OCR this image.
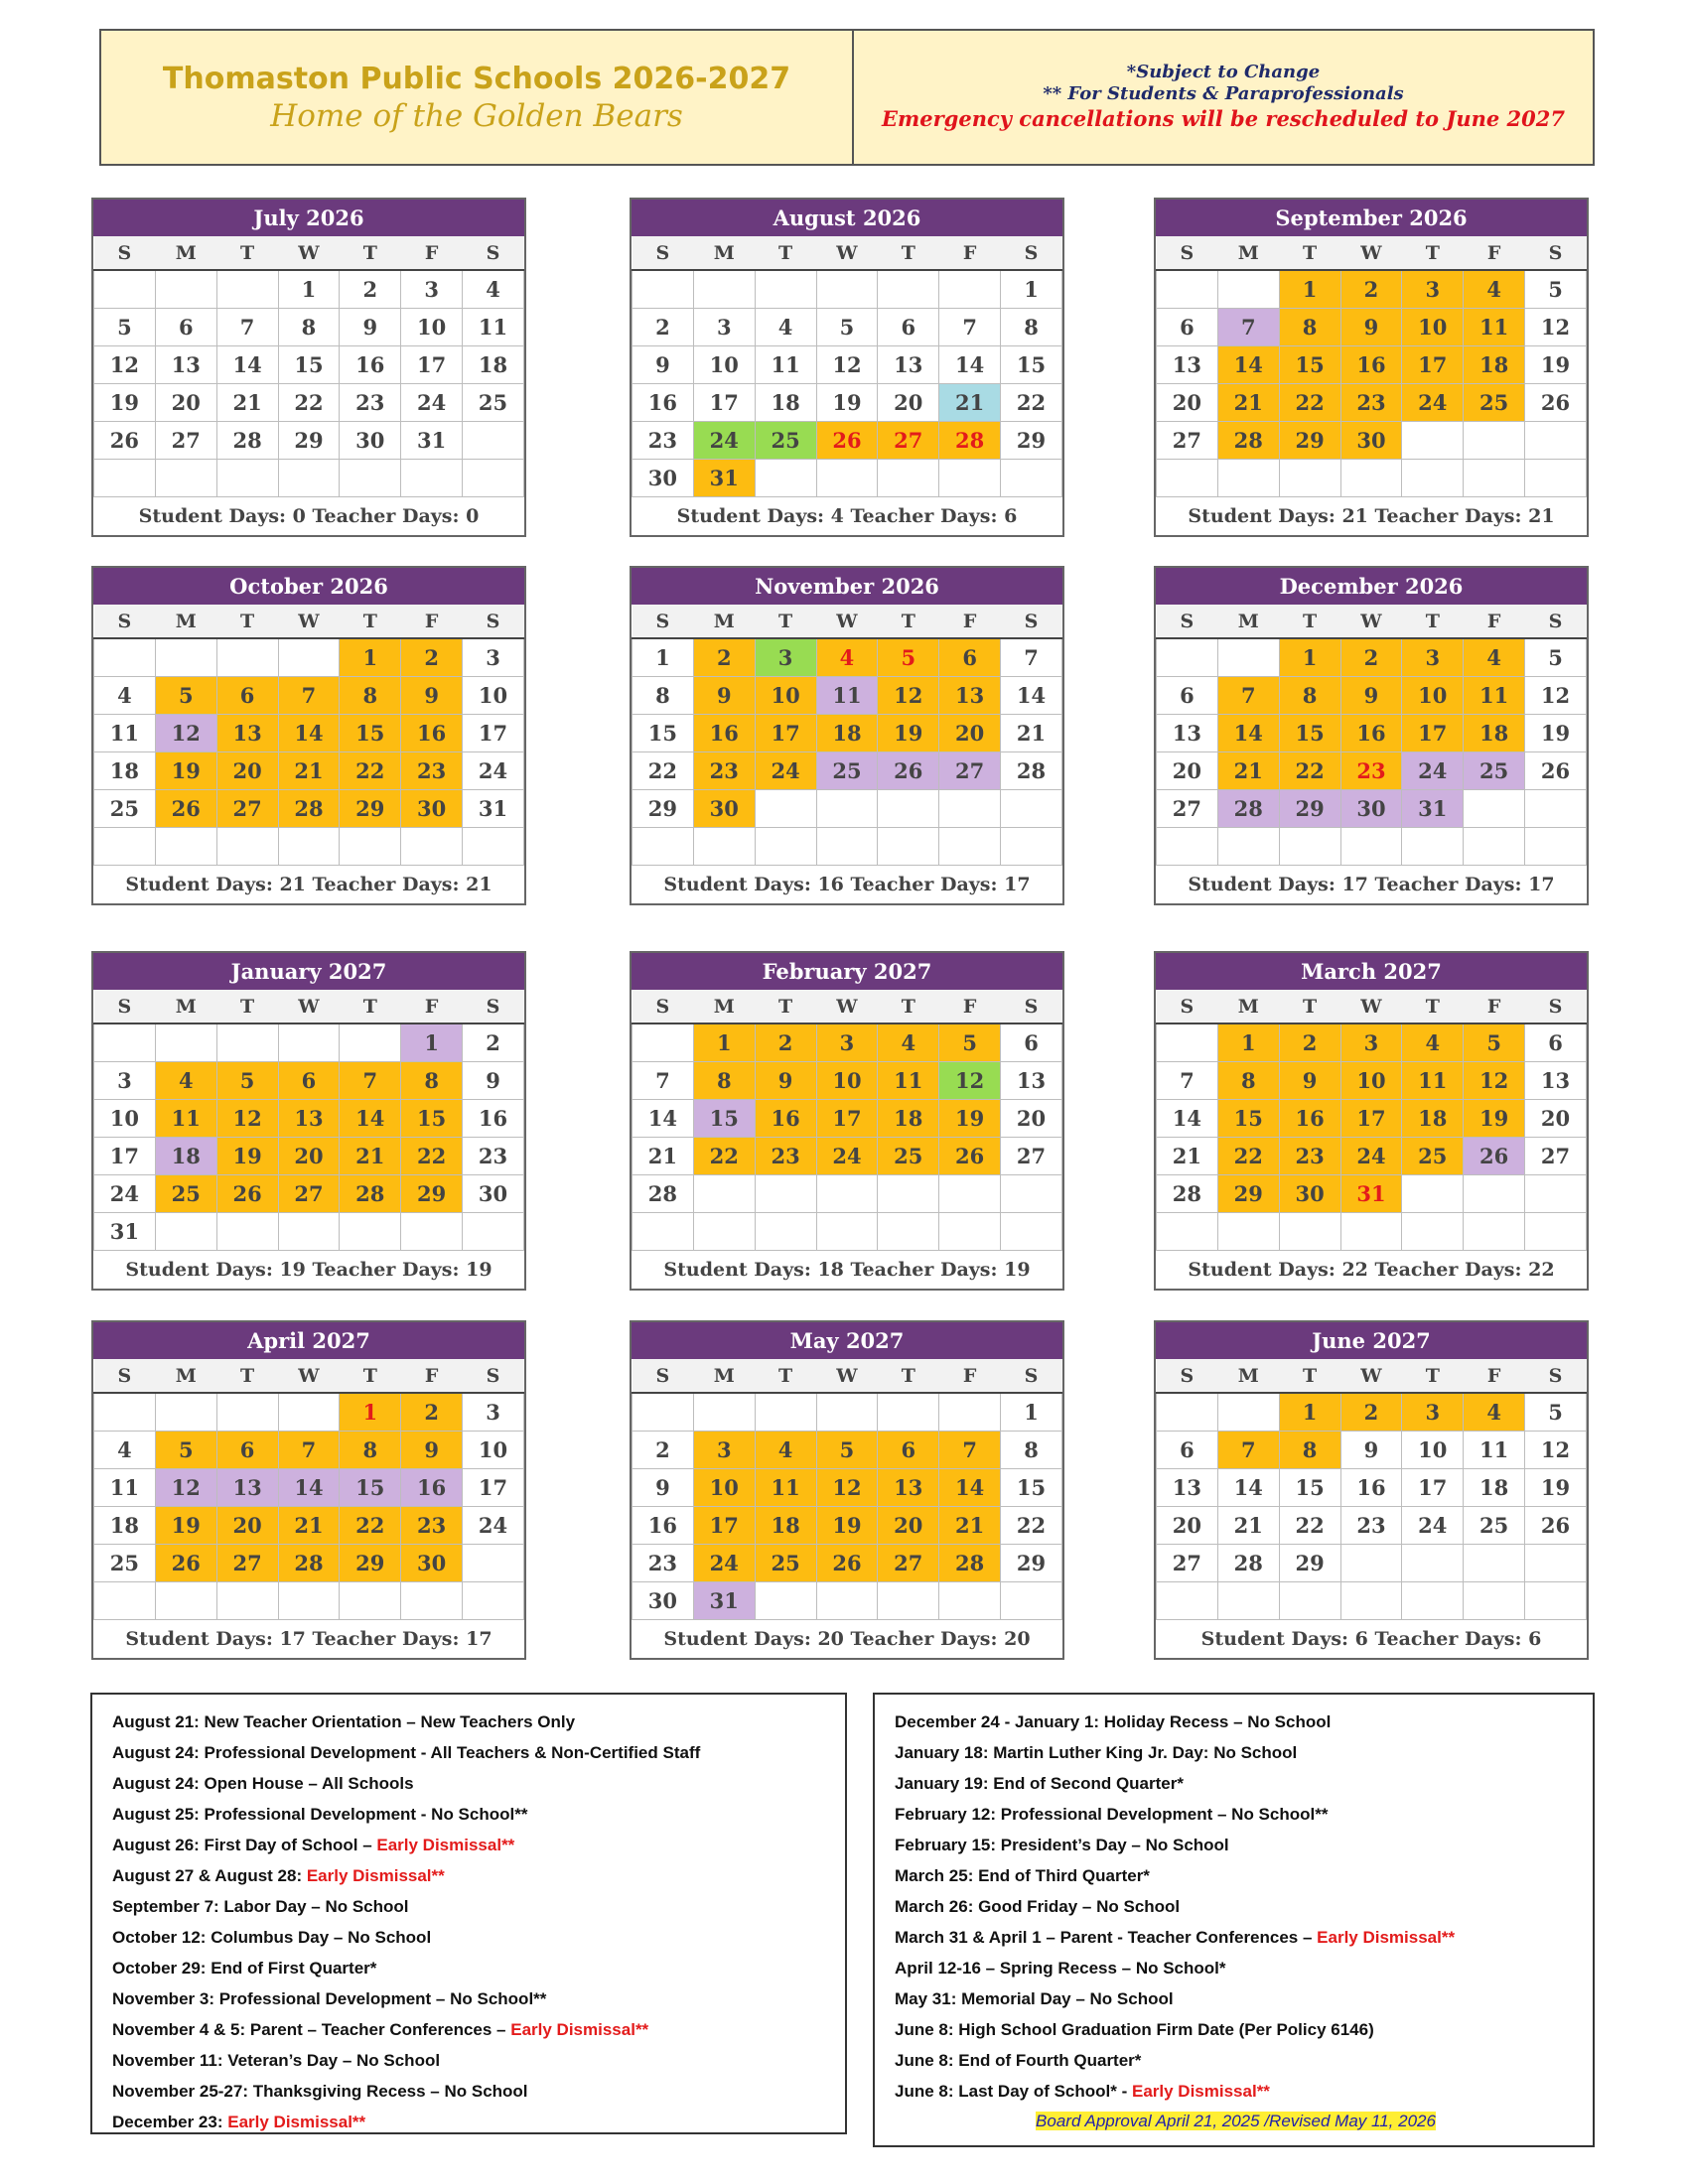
Thomaston Public Schools 2026-2027
Home of the Golden Bears
*Subject to Change
** For Students & Paraprofessionals
Emergency cancellations will be rescheduled to June 2027
July 2026
S	M	T	W	T	F	S
			1	2	3	4
5	6	7	8	9	10	11
12	13	14	15	16	17	18
19	20	21	22	23	24	25
26	27	28	29	30	31	

Student Days: 0 Teacher Days: 0
August 2026
S	M	T	W	T	F	S
						1
2	3	4	5	6	7	8
9	10	11	12	13	14	15
16	17	18	19	20	21	22
23	24	25	26	27	28	29
30	31					
Student Days: 4 Teacher Days: 6
September 2026
S	M	T	W	T	F	S
		1	2	3	4	5
6	7	8	9	10	11	12
13	14	15	16	17	18	19
20	21	22	23	24	25	26
27	28	29	30			

Student Days: 21 Teacher Days: 21
October 2026
S	M	T	W	T	F	S
				1	2	3
4	5	6	7	8	9	10
11	12	13	14	15	16	17
18	19	20	21	22	23	24
25	26	27	28	29	30	31

Student Days: 21 Teacher Days: 21
November 2026
S	M	T	W	T	F	S
1	2	3	4	5	6	7
8	9	10	11	12	13	14
15	16	17	18	19	20	21
22	23	24	25	26	27	28
29	30					

Student Days: 16 Teacher Days: 17
December 2026
S	M	T	W	T	F	S
		1	2	3	4	5
6	7	8	9	10	11	12
13	14	15	16	17	18	19
20	21	22	23	24	25	26
27	28	29	30	31		

Student Days: 17 Teacher Days: 17
January 2027
S	M	T	W	T	F	S
					1	2
3	4	5	6	7	8	9
10	11	12	13	14	15	16
17	18	19	20	21	22	23
24	25	26	27	28	29	30
31						
Student Days: 19 Teacher Days: 19
February 2027
S	M	T	W	T	F	S
	1	2	3	4	5	6
7	8	9	10	11	12	13
14	15	16	17	18	19	20
21	22	23	24	25	26	27
28						

Student Days: 18 Teacher Days: 19
March 2027
S	M	T	W	T	F	S
	1	2	3	4	5	6
7	8	9	10	11	12	13
14	15	16	17	18	19	20
21	22	23	24	25	26	27
28	29	30	31			

Student Days: 22 Teacher Days: 22
April 2027
S	M	T	W	T	F	S
				1	2	3
4	5	6	7	8	9	10
11	12	13	14	15	16	17
18	19	20	21	22	23	24
25	26	27	28	29	30	

Student Days: 17 Teacher Days: 17
May 2027
S	M	T	W	T	F	S
						1
2	3	4	5	6	7	8
9	10	11	12	13	14	15
16	17	18	19	20	21	22
23	24	25	26	27	28	29
30	31					
Student Days: 20 Teacher Days: 20
June 2027
S	M	T	W	T	F	S
		1	2	3	4	5
6	7	8	9	10	11	12
13	14	15	16	17	18	19
20	21	22	23	24	25	26
27	28	29				

Student Days: 6 Teacher Days: 6
August 21: New Teacher Orientation – New Teachers Only
August 24: Professional Development - All Teachers & Non-Certified Staff
August 24: Open House – All Schools
August 25: Professional Development - No School**
August 26: First Day of School – Early Dismissal**
August 27 & August 28: Early Dismissal**
September 7: Labor Day – No School
October 12: Columbus Day – No School
October 29: End of First Quarter*
November 3: Professional Development – No School**
November 4 & 5: Parent – Teacher Conferences – Early Dismissal**
November 11: Veteran’s Day – No School
November 25-27: Thanksgiving Recess – No School
December 23: Early Dismissal**
December 24 - January 1: Holiday Recess – No School
January 18: Martin Luther King Jr. Day: No School
January 19: End of Second Quarter*
February 12: Professional Development – No School**
February 15: President’s Day – No School
March 25: End of Third Quarter*
March 26: Good Friday – No School
March 31 & April 1 – Parent - Teacher Conferences – Early Dismissal**
April 12-16 – Spring Recess – No School*
May 31: Memorial Day – No School
June 8: High School Graduation Firm Date (Per Policy 6146)
June 8: End of Fourth Quarter*
June 8: Last Day of School* - Early Dismissal**
Board Approval April 21, 2025 /Revised May 11, 2026
